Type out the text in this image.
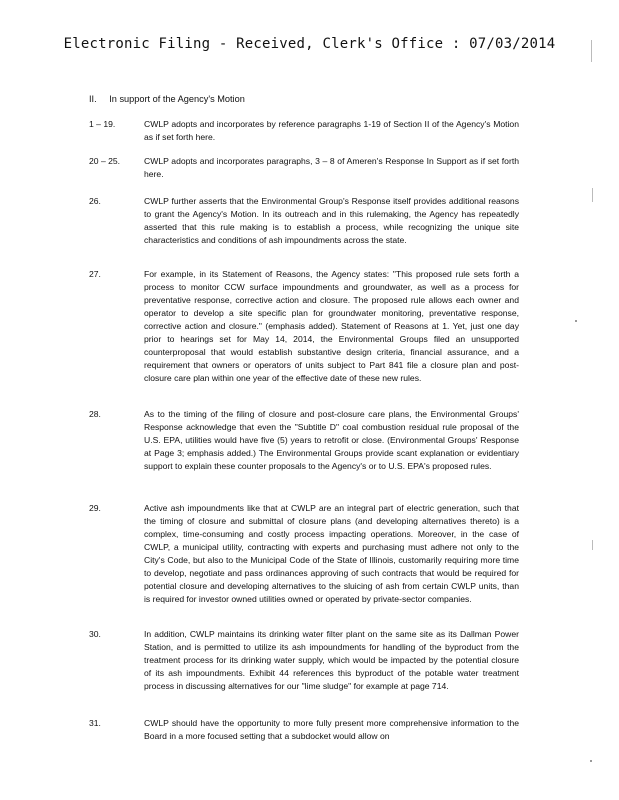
Electronic Filing - Received, Clerk's Office : 07/03/2014
II. In support of the Agency's Motion
1 – 19.	CWLP adopts and incorporates by reference paragraphs 1-19 of Section II of the Agency's Motion as if set forth here.
20 – 25.	CWLP adopts and incorporates paragraphs, 3 – 8 of Ameren's Response In Support as if set forth here.
26.	CWLP further asserts that the Environmental Group's Response itself provides additional reasons to grant the Agency's Motion. In its outreach and in this rulemaking, the Agency has repeatedly asserted that this rule making is to establish a process, while recognizing the unique site characteristics and conditions of ash impoundments across the state.
27.	For example, in its Statement of Reasons, the Agency states: "This proposed rule sets forth a process to monitor CCW surface impoundments and groundwater, as well as a process for preventative response, corrective action and closure. The proposed rule allows each owner and operator to develop a site specific plan for groundwater monitoring, preventative response, corrective action and closure." (emphasis added). Statement of Reasons at 1. Yet, just one day prior to hearings set for May 14, 2014, the Environmental Groups filed an unsupported counterproposal that would establish substantive design criteria, financial assurance, and a requirement that owners or operators of units subject to Part 841 file a closure plan and post-closure care plan within one year of the effective date of these new rules.
28.	As to the timing of the filing of closure and post-closure care plans, the Environmental Groups' Response acknowledge that even the "Subtitle D" coal combustion residual rule proposal of the U.S. EPA, utilities would have five (5) years to retrofit or close. (Environmental Groups' Response at Page 3; emphasis added.) The Environmental Groups provide scant explanation or evidentiary support to explain these counter proposals to the Agency's or to U.S. EPA's proposed rules.
29.	Active ash impoundments like that at CWLP are an integral part of electric generation, such that the timing of closure and submittal of closure plans (and developing alternatives thereto) is a complex, time-consuming and costly process impacting operations. Moreover, in the case of CWLP, a municipal utility, contracting with experts and purchasing must adhere not only to the City's Code, but also to the Municipal Code of the State of Illinois, customarily requiring more time to develop, negotiate and pass ordinances approving of such contracts that would be required for potential closure and developing alternatives to the sluicing of ash from certain CWLP units, than is required for investor owned utilities owned or operated by private-sector companies.
30.	In addition, CWLP maintains its drinking water filter plant on the same site as its Dallman Power Station, and is permitted to utilize its ash impoundments for handling of the byproduct from the treatment process for its drinking water supply, which would be impacted by the potential closure of its ash impoundments. Exhibit 44 references this byproduct of the potable water treatment process in discussing alternatives for our "lime sludge" for example at page 714.
31.	CWLP should have the opportunity to more fully present more comprehensive information to the Board in a more focused setting that a subdocket would allow on
